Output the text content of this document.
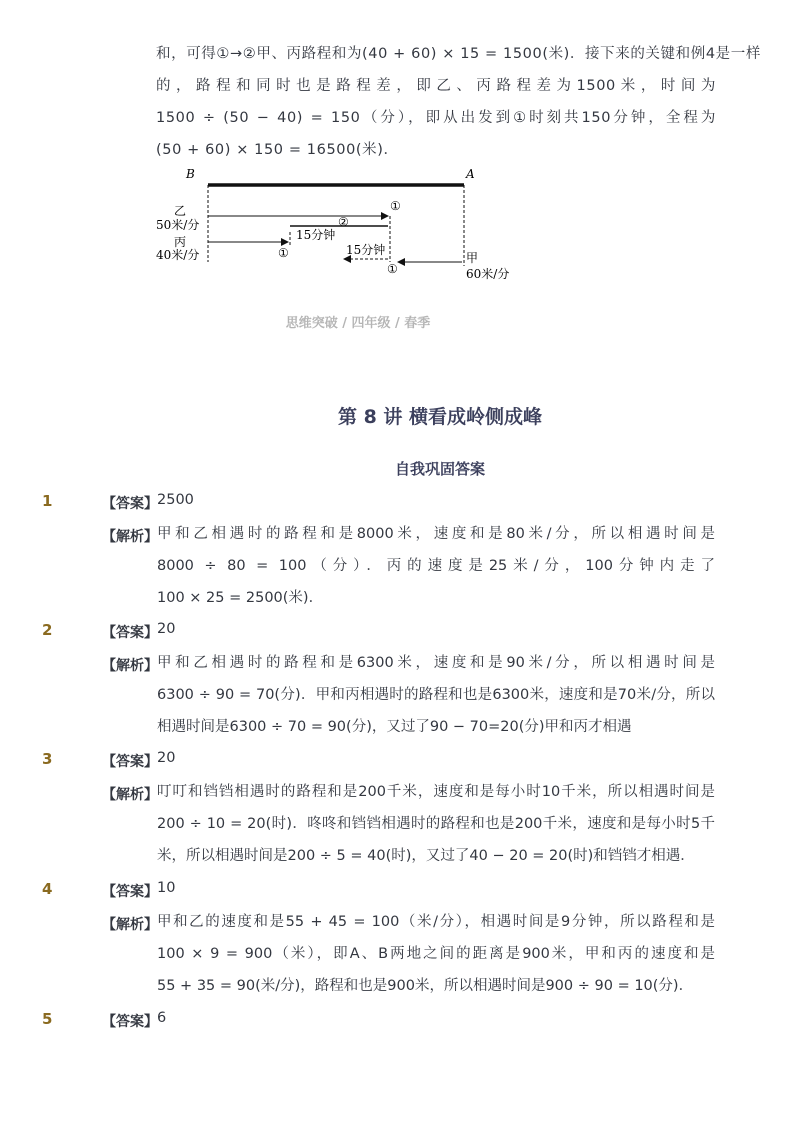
和，可得①→②甲、丙路程和为(40 + 60) × 15 = 1500(米)．接下来的关键和例4是一样
的，路程和同时也是路程差，即乙、丙路程差为1500米，时间为
1500 ÷ (50 − 40) = 150（分），即从出发到①时刻共150分钟，全程为
(50 + 60) × 150 = 16500(米)．
B	A
①
乙
50米/分
①
丙
40米/分
②
15分钟
15分钟
①
甲
60米/分
思维突破 / 四年级 / 春季
第 8 讲 横看成岭侧成峰
自我巩固答案
1	【答案】 2500
【解析】 甲和乙相遇时的路程和是8000米，速度和是80米/分，所以相遇时间是
8000 ÷ 80 = 100（分）．丙的速度是25米/分，100分钟内走了
100 × 25 = 2500(米)．
2	【答案】 20
【解析】 甲和乙相遇时的路程和是6300米，速度和是90米/分，所以相遇时间是
6300 ÷ 90 = 70(分)．甲和丙相遇时的路程和也是6300米，速度和是70米/分，所以
相遇时间是6300 ÷ 70 = 90(分)，又过了90 − 70=20(分)甲和丙才相遇
3	【答案】 20
【解析】 叮叮和铛铛相遇时的路程和是200千米，速度和是每小时10千米，所以相遇时间是
200 ÷ 10 = 20(时)．咚咚和铛铛相遇时的路程和也是200千米，速度和是每小时5千
米，所以相遇时间是200 ÷ 5 = 40(时)，又过了40 − 20 = 20(时)和铛铛才相遇．
4	【答案】 10
【解析】 甲和乙的速度和是55 + 45 = 100（米/分），相遇时间是9分钟，所以路程和是
100 × 9 = 900（米），即A、B两地之间的距离是900米，甲和丙的速度和是
55 + 35 = 90(米/分)，路程和也是900米，所以相遇时间是900 ÷ 90 = 10(分)．
5	【答案】 6
